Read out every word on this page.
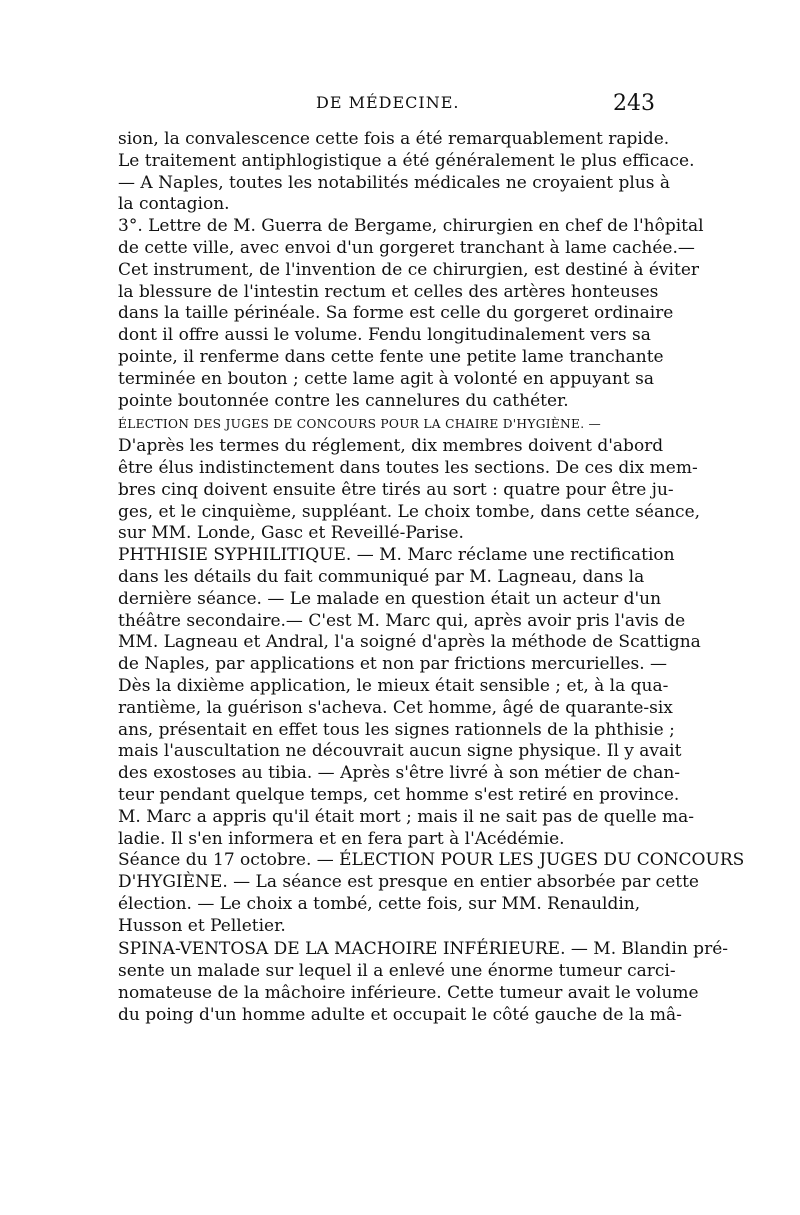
DE MÉDECINE.	243
sion, la convalescence cette fois a été remarquablement rapide.
Le traitement antiphlogistique a été généralement le plus efficace.
— A Naples, toutes les notabilités médicales ne croyaient plus à
la contagion.
3°. Lettre de M. Guerra de Bergame, chirurgien en chef de l'hôpital
de cette ville, avec envoi d'un gorgeret tranchant à lame cachée.—
Cet instrument, de l'invention de ce chirurgien, est destiné à éviter
la blessure de l'intestin rectum et celles des artères honteuses
dans la taille périnéale. Sa forme est celle du gorgeret ordinaire
dont il offre aussi le volume. Fendu longitudinalement vers sa
pointe, il renferme dans cette fente une petite lame tranchante
terminée en bouton ; cette lame agit à volonté en appuyant sa
pointe boutonnée contre les cannelures du cathéter.
ÉLECTION DES JUGES DE CONCOURS POUR LA CHAIRE D'HYGIÈNE. —
D'après les termes du réglement, dix membres doivent d'abord
être élus indistinctement dans toutes les sections. De ces dix mem-
bres cinq doivent ensuite être tirés au sort : quatre pour être ju-
ges, et le cinquième, suppléant. Le choix tombe, dans cette séance,
sur MM. Londe, Gasc et Reveillé-Parise.
PHTHISIE SYPHILITIQUE. — M. Marc réclame une rectification
dans les détails du fait communiqué par M. Lagneau, dans la
dernière séance. — Le malade en question était un acteur d'un
théâtre secondaire.— C'est M. Marc qui, après avoir pris l'avis de
MM. Lagneau et Andral, l'a soigné d'après la méthode de Scattigna
de Naples, par applications et non par frictions mercurielles. —
Dès la dixième application, le mieux était sensible ; et, à la qua-
rantième, la guérison s'acheva. Cet homme, âgé de quarante-six
ans, présentait en effet tous les signes rationnels de la phthisie ;
mais l'auscultation ne découvrait aucun signe physique. Il y avait
des exostoses au tibia. — Après s'être livré à son métier de chan-
teur pendant quelque temps, cet homme s'est retiré en province.
M. Marc a appris qu'il était mort ; mais il ne sait pas de quelle ma-
ladie. Il s'en informera et en fera part à l'Acédémie.
Séance du 17 octobre. — ÉLECTION POUR LES JUGES DU CONCOURS
D'HYGIÈNE. — La séance est presque en entier absorbée par cette
élection. — Le choix a tombé, cette fois, sur MM. Renauldin,
Husson et Pelletier.
SPINA-VENTOSA DE LA MACHOIRE INFÉRIEURE. — M. Blandin pré-
sente un malade sur lequel il a enlevé une énorme tumeur carci-
nomateuse de la mâchoire inférieure. Cette tumeur avait le volume
du poing d'un homme adulte et occupait le côté gauche de la mâ-
